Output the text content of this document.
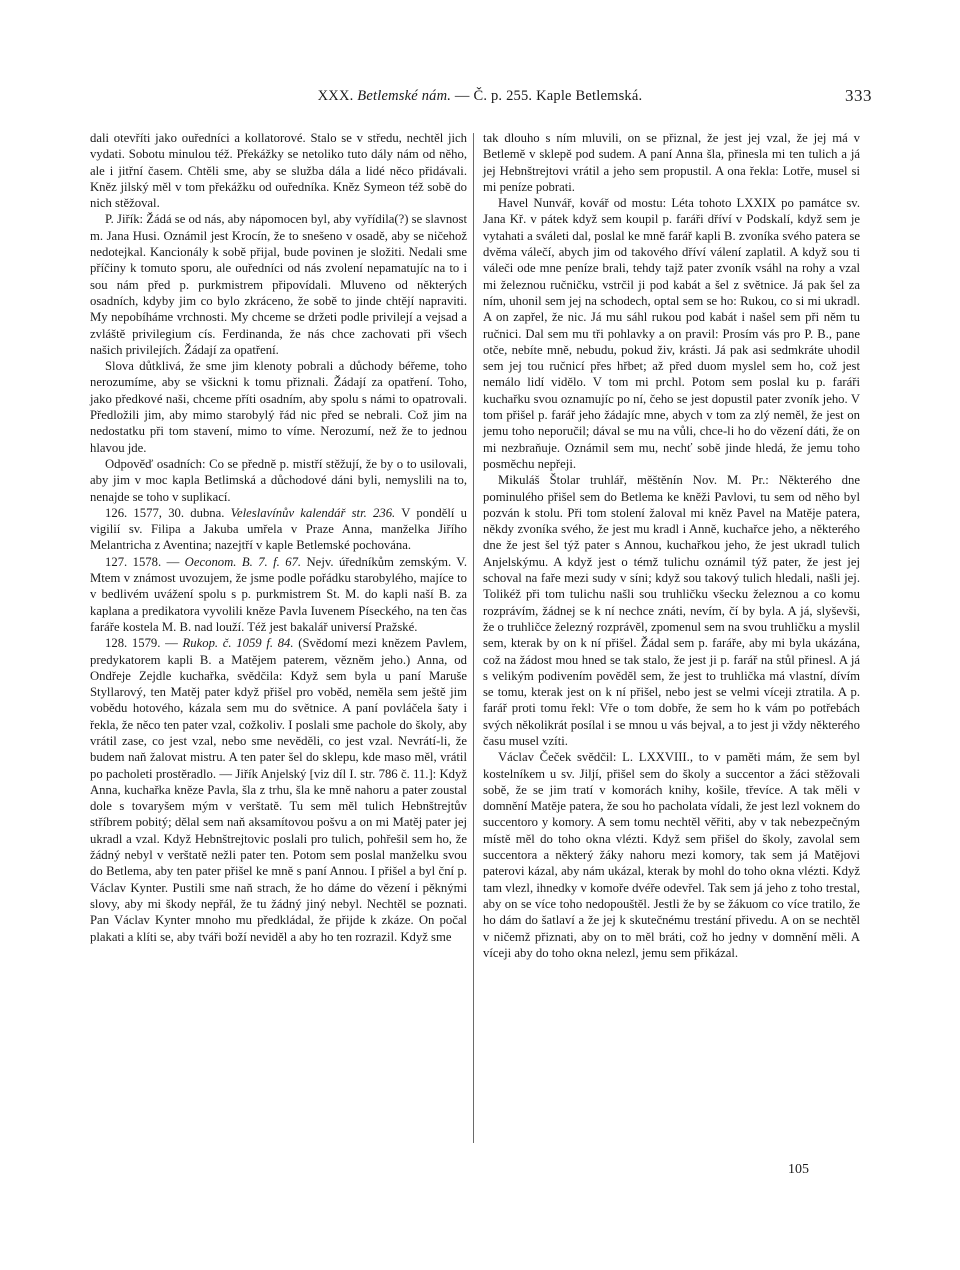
XXX. Betlemské nám. — Č. p. 255. Kaple Betlemská.	333

dali otevříti jako ouředníci a kollatorové. Stalo se v středu, nechtěl jich vydati. Sobotu minulou též. Překážky se netoliko tuto dály nám od něho, ale i jitřní časem. Chtěli sme, aby se služba dála a lidé něco přidávali. Kněz jilský měl v tom překážku od ouředníka. Kněz Symeon též sobě do nich stěžoval.

P. Jiřík: Žádá se od nás, aby nápomocen byl, aby vyřídila(?) se slavnost m. Jana Husi. Oznámil jest Krocín, že to snešeno v osadě, aby se ničehož nedotejkal. Kancionály k sobě přijal, bude povinen je složiti. Nedali sme příčiny k tomuto sporu, ale ouředníci od nás zvolení nepamatujíc na to i sou nám před p. purkmistrem připovídali. Mluveno od některých osadních, kdyby jim co bylo zkráceno, že sobě to jinde chtějí napraviti. My nepobíháme vrchnosti. My chceme se držeti podle privilejí a vejsad a zvláště privilegium cís. Ferdinanda, že nás chce zachovati při všech našich privilejích. Žádají za opatření.

Slova důtklivá, že sme jim klenoty pobrali a důchody béřeme, toho nerozumíme, aby se všickni k tomu přiznali. Žádají za opatření. Toho, jako předkové naši, chceme příti osadním, aby spolu s námi to opatrovali. Předložili jim, aby mimo starobylý řád nic před se nebrali. Což jim na nedostatku při tom stavení, mimo to víme. Nerozumí, než že to jednou hlavou jde.

Odpověď osadních: Co se předně p. mistří stěžují, že by o to usilovali, aby jim v moc kapla Betlimská a důchodové dáni byli, nemyslili na to, nenajde se toho v suplikací.

126. 1577, 30. dubna. Veleslavínův kalendář str. 236. V pondělí u vigilií sv. Filipa a Jakuba umřela v Praze Anna, manželka Jiřího Melantricha z Aventina; nazejtří v kaple Betlemské pochována.

127. 1578. — Oeconom. B. 7. f. 67. Nejv. úředníkům zemským. V. Mtem v známost uvozujem, že jsme podle pořádku starobylého, majíce to v bedlivém uvážení spolu s p. purkmistrem St. M. do kapli naší B. za kaplana a predikatora vyvolili kněze Pavla Iuvenem Píseckého, na ten čas faráře kostela M. B. nad louží. Též jest bakalář universí Pražské.

128. 1579. — Rukop. č. 1059 f. 84. (Svědomí mezi knězem Pavlem, predykatorem kapli B. a Matějem paterem, vězněm jeho.) Anna, od Ondřeje Zejdle kuchařka, svědčila: Když sem byla u paní Maruše Styllarový, ten Matěj pater když přišel pro voběd, neměla sem ještě jim vobědu hotového, kázala sem mu do světnice. A paní povláčela šaty i řekla, že něco ten pater vzal, cožkoliv. I poslali sme pachole do školy, aby vrátil zase, co jest vzal, nebo sme nevěděli, co jest vzal. Nevrátí-li, že budem naň žalovat mistru. A ten pater šel do sklepu, kde maso měl, vrátil po pacholeti prostěradlo. — Jiřík Anjelský [viz díl I. str. 786 č. 11.]: Když Anna, kuchařka kněze Pavla, šla z trhu, šla ke mně nahoru a pater zoustal dole s tovaryšem mým v verštatě. Tu sem měl tulich Hebnštrejtův stříbrem pobitý; dělal sem naň aksamítovou pošvu a on mi Matěj pater jej ukradl a vzal. Když Hebnštrejtovic poslali pro tulich, pohřešil sem ho, že žádný nebyl v verštatě nežli pater ten. Potom sem poslal manželku svou do Betlema, aby ten pater přišel ke mně s paní Annou. I přišel a byl ční p. Václav Kynter. Pustili sme naň strach, že ho dáme do vězení i pěknými slovy, aby mi škody nepřál, že tu žádný jiný nebyl. Nechtěl se poznati. Pan Václav Kynter mnoho mu předkládal, že přijde k zkáze. On počal plakati a klíti se, aby tváři boží neviděl a aby ho ten rozrazil. Když sme

tak dlouho s ním mluvili, on se přiznal, že jest jej vzal, že jej má v Betlemě v sklepě pod sudem. A paní Anna šla, přinesla mi ten tulich a já jej Hebnštrejtovi vrátil a jeho sem propustil. A ona řekla: Lotře, musel si mi peníze pobrati.

Havel Nunvář, kovář od mostu: Léta tohoto LXXIX po památce sv. Jana Kř. v pátek když sem koupil p. faráři dříví v Podskalí, když sem je vytahati a sváleti dal, poslal ke mně farář kapli B. zvoníka svého patera se dvěma válečí, abych jim od takového dříví válení zaplatil. A když sou ti váleči ode mne peníze brali, tehdy tajž pater zvoník vsáhl na rohy a vzal mi železnou ručničku, vstrčil ji pod kabát a šel z světnice. Já pak šel za ním, uhonil sem jej na schodech, optal sem se ho: Rukou, co si mi ukradl. A on zapřel, že nic. Já mu sáhl rukou pod kabát i našel sem při něm tu ručnici. Dal sem mu tři pohlavky a on pravil: Prosím vás pro P. B., pane otče, nebíte mně, nebudu, pokud živ, krásti. Já pak asi sedmkráte uhodil sem jej tou ručnicí přes hřbet; až před duom myslel sem ho, což jest nemálo lidí vidělo. V tom mi prchl. Potom sem poslal ku p. faráři kuchařku svou oznamujíc po ní, čeho se jest dopustil pater zvoník jeho. V tom přišel p. farář jeho žádajíc mne, abych v tom za zlý neměl, že jest on jemu toho neporučil; dával se mu na vůli, chce-li ho do vězení dáti, že on mi nezbraňuje. Oznámil sem mu, nechť sobě jinde hledá, že jemu toho posměchu nepřeji.

Mikuláš Štolar truhlář, měštěnín Nov. M. Pr.: Některého dne pominulého přišel sem do Betlema ke kněži Pavlovi, tu sem od něho byl pozván k stolu. Při tom stolení žaloval mi kněz Pavel na Matěje patera, někdy zvoníka svého, že jest mu kradl i Anně, kuchařce jeho, a některého dne že jest šel týž pater s Annou, kuchařkou jeho, že jest ukradl tulich Anjelskýmu. A když jest o témž tulichu oznámil týž pater, že jest jej schoval na faře mezi sudy v síni; když sou takový tulich hledali, našli jej. Tolikéž při tom tulichu našli sou truhličku všecku železnou a co komu rozprávím, žádnej se k ní nechce znáti, nevím, čí by byla. A já, slyševši, že o truhličce železný rozprávěl, zpomenul sem na svou truhličku a myslil sem, kterak by on k ní přišel. Žádal sem p. faráře, aby mi byla ukázána, což na žádost mou hned se tak stalo, že jest ji p. farář na stůl přinesl. A já s velikým podivením pověděl sem, že jest to truhlička má vlastní, dívím se tomu, kterak jest on k ní přišel, nebo jest se velmi víceji ztratila. A p. farář proti tomu řekl: Vře o tom dobře, že sem ho k vám po potřebách svých několikrát posílal i se mnou u vás bejval, a to jest ji vždy některého času musel vzíti.

Václav Čeček svědčil: L. LXXVIII., to v paměti mám, že sem byl kostelníkem u sv. Jiljí, přišel sem do školy a succentor a žáci stěžovali sobě, že se jim tratí v komorách knihy, košile, třevíce. A tak měli v domnění Matěje patera, že sou ho pacholata vídali, že jest lezl voknem do succentoro y komory. A sem tomu nechtěl věřiti, aby v tak nebezpečným místě měl do toho okna vlézti. Když sem přišel do školy, zavolal sem succentora a některý žáky nahoru mezi komory, tak sem já Matějovi paterovi kázal, aby nám ukázal, kterak by mohl do toho okna vlézti. Když tam vlezl, ihnedky v komoře dvéře odevřel. Tak sem já jeho z toho trestal, aby on se více toho nedopouštěl. Jestli že by se žákuom co více tratilo, že ho dám do šatlaví a že jej k skutečnému trestání přivedu. A on se nechtěl v ničemž přiznati, aby on to měl bráti, což ho jedny v domnění měli. A víceji aby do toho okna nelezl, jemu sem přikázal.

105
